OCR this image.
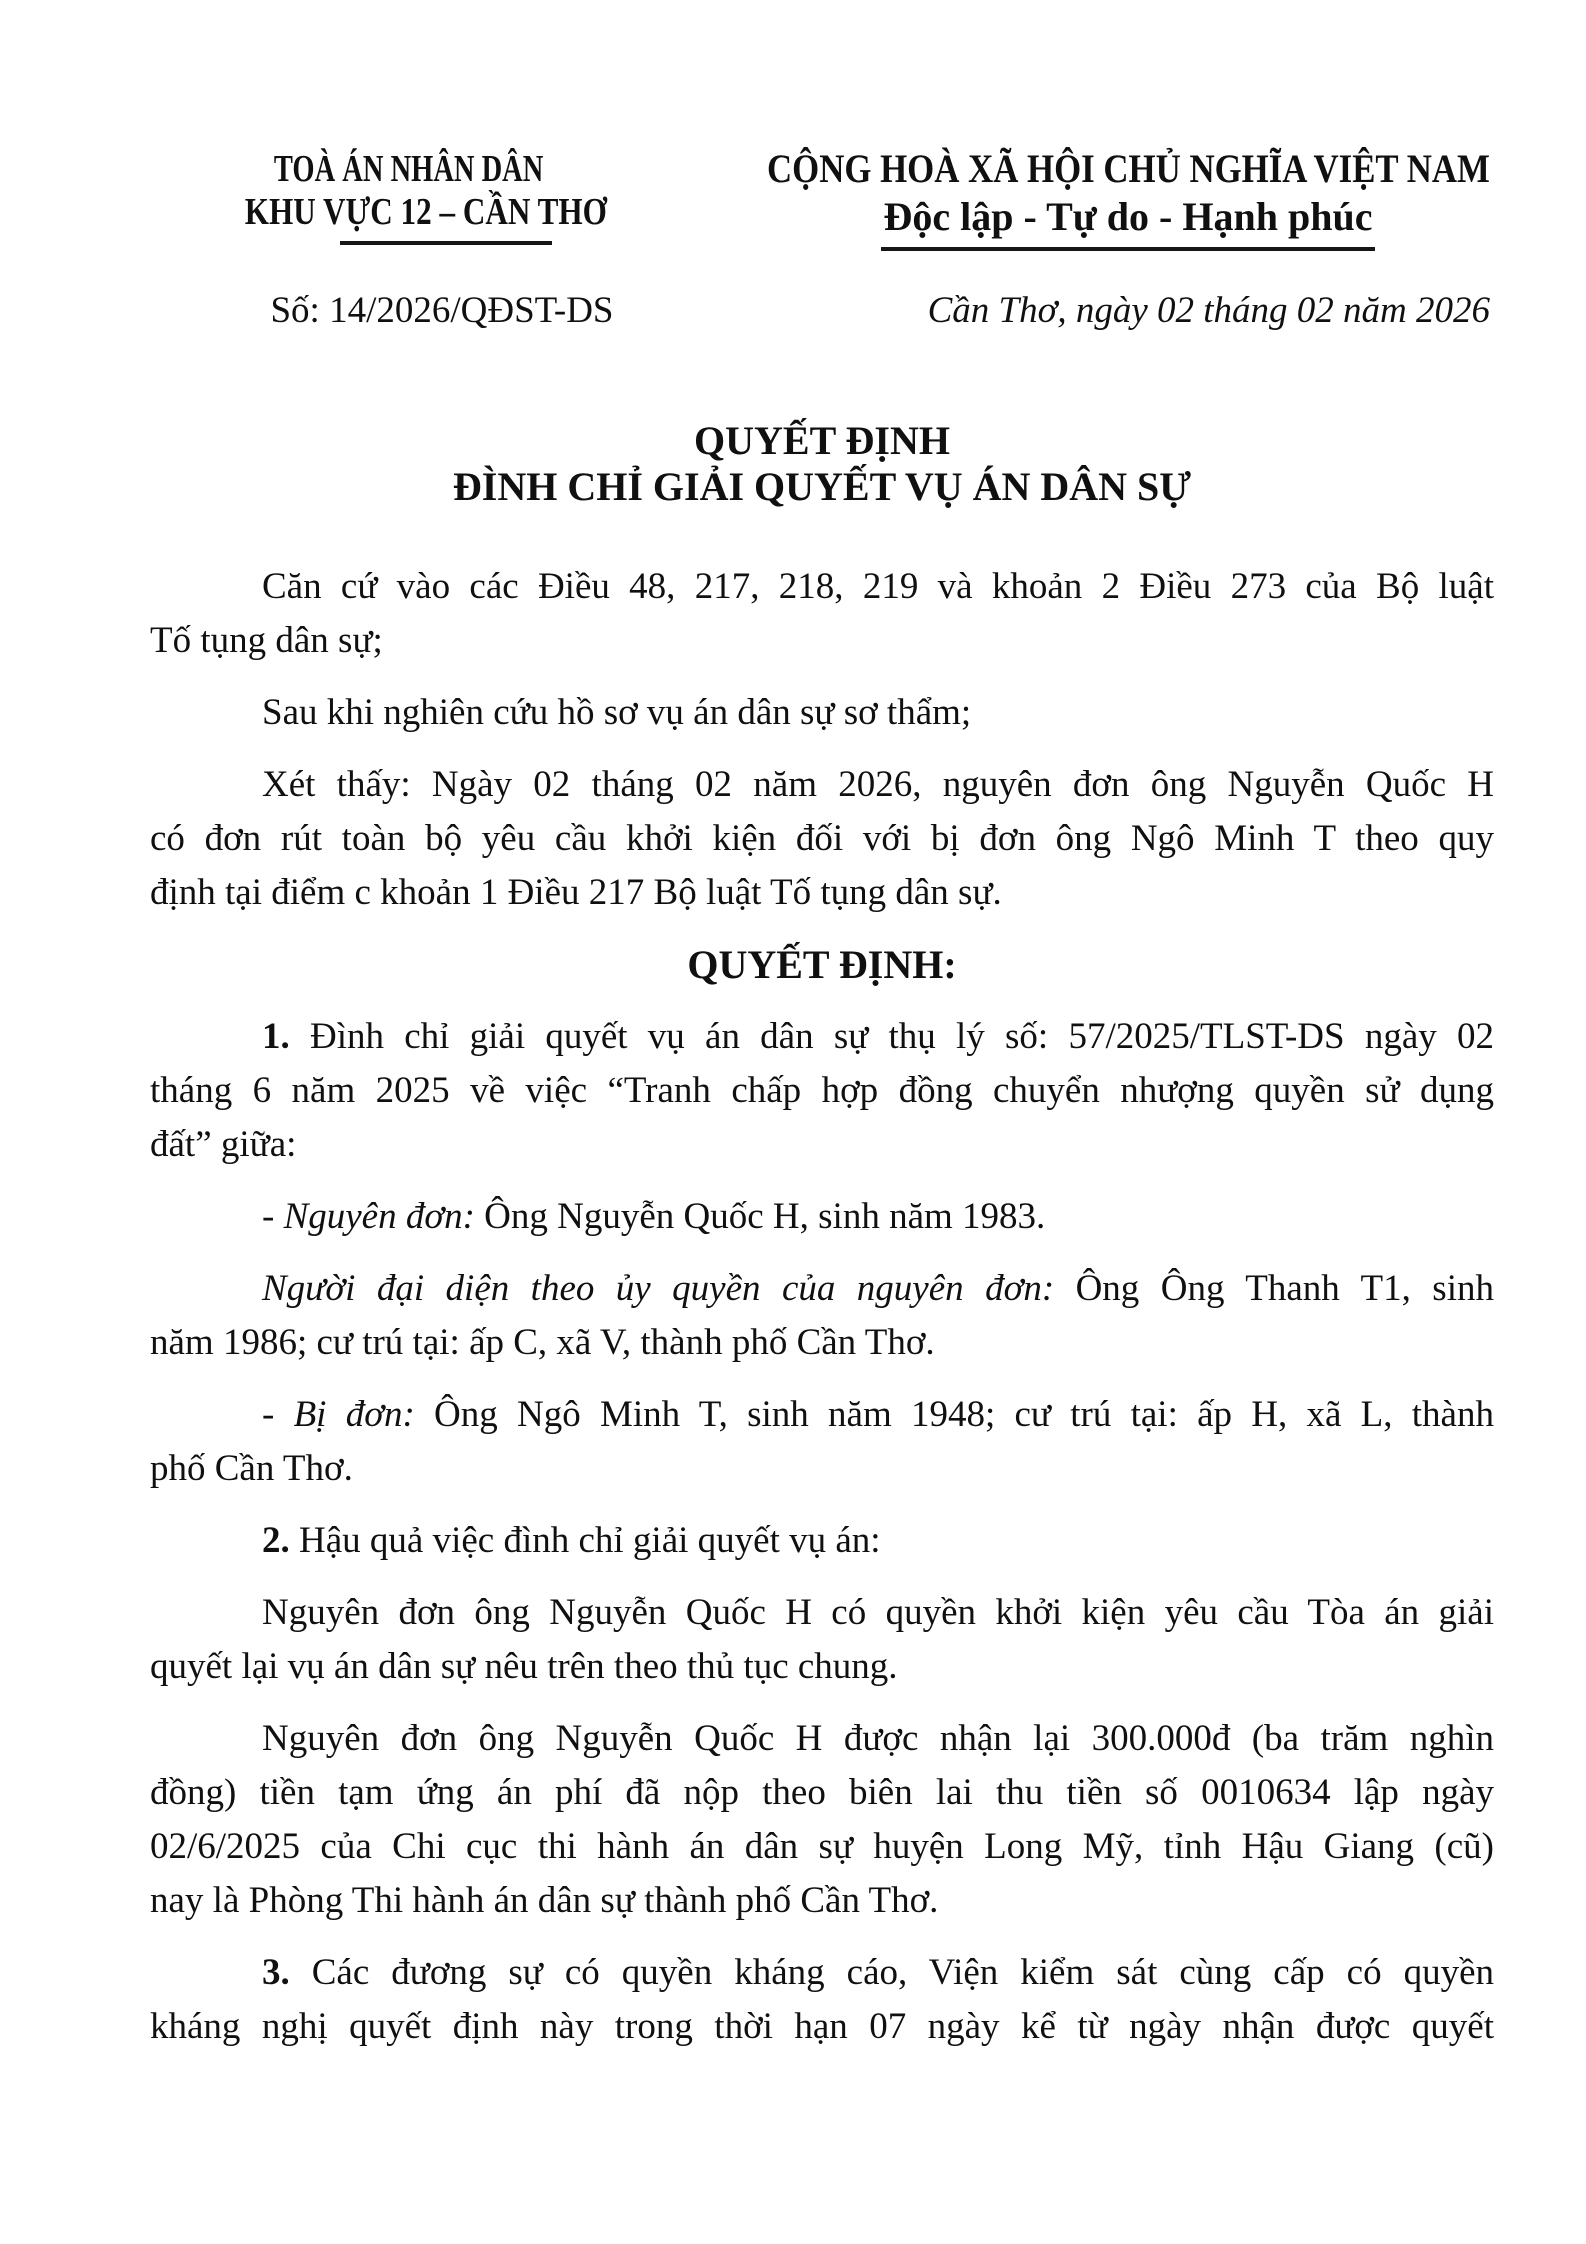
TOÀ ÁN NHÂN DÂN
KHU VỰC 12 – CẦN THƠ
CỘNG HOÀ XÃ HỘI CHỦ NGHĨA VIỆT NAM
Độc lập - Tự do - Hạnh phúc
Số: 14/2026/QĐST-DS	Cần Thơ, ngày 02 tháng 02 năm 2026
QUYẾT ĐỊNH
ĐÌNH CHỈ GIẢI QUYẾT VỤ ÁN DÂN SỰ
Căn cứ vào các Điều 48, 217, 218, 219 và khoản 2 Điều 273 của Bộ luật
Tố tụng dân sự;
Sau khi nghiên cứu hồ sơ vụ án dân sự sơ thẩm;
Xét thấy: Ngày 02 tháng 02 năm 2026, nguyên đơn ông Nguyễn Quốc H
có đơn rút toàn bộ yêu cầu khởi kiện đối với bị đơn ông Ngô Minh T theo quy
định tại điểm c khoản 1 Điều 217 Bộ luật Tố tụng dân sự.
QUYẾT ĐỊNH:
1. Đình chỉ giải quyết vụ án dân sự thụ lý số: 57/2025/TLST-DS ngày 02
tháng 6 năm 2025 về việc “Tranh chấp hợp đồng chuyển nhượng quyền sử dụng
đất” giữa:
- Nguyên đơn: Ông Nguyễn Quốc H, sinh năm 1983.
Người đại diện theo ủy quyền của nguyên đơn: Ông Ông Thanh T1, sinh
năm 1986; cư trú tại: ấp C, xã V, thành phố Cần Thơ.
- Bị đơn: Ông Ngô Minh T, sinh năm 1948; cư trú tại: ấp H, xã L, thành
phố Cần Thơ.
2. Hậu quả việc đình chỉ giải quyết vụ án:
Nguyên đơn ông Nguyễn Quốc H có quyền khởi kiện yêu cầu Tòa án giải
quyết lại vụ án dân sự nêu trên theo thủ tục chung.
Nguyên đơn ông Nguyễn Quốc H được nhận lại 300.000đ (ba trăm nghìn
đồng) tiền tạm ứng án phí đã nộp theo biên lai thu tiền số 0010634 lập ngày
02/6/2025 của Chi cục thi hành án dân sự huyện Long Mỹ, tỉnh Hậu Giang (cũ)
nay là Phòng Thi hành án dân sự thành phố Cần Thơ.
3. Các đương sự có quyền kháng cáo, Viện kiểm sát cùng cấp có quyền
kháng nghị quyết định này trong thời hạn 07 ngày kể từ ngày nhận được quyết
